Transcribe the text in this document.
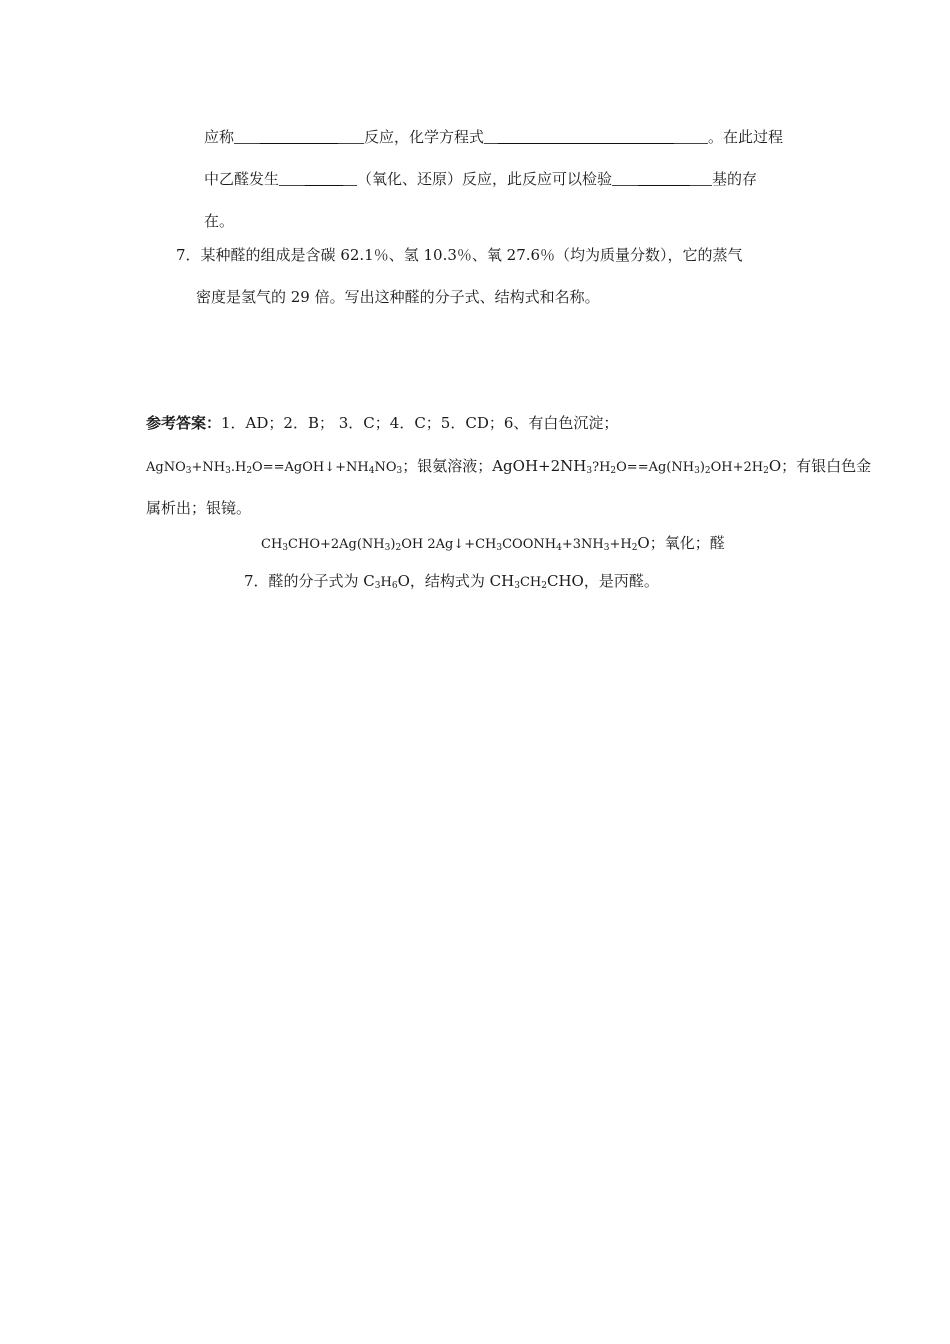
应称	反应，化学方程式	。在此过程
中乙醛发生	（氧化、还原）反应，此反应可以检验	基的存
在。
7．某种醛的组成是含碳 62.1％、氢 10.3％、氧 27.6％（均为质量分数），它的蒸气
密度是氢气的 29 倍。写出这种醛的分子式、结构式和名称。
参考答案：1．AD；2．B； 3．C；4．C；5．CD；6、有白色沉淀；
$AgNO_3+NH_3.H_2O==AgOH↓+NH_4NO_3$；银氨溶液；$AgOH+2NH_3?H_2O==Ag(NH_3)_2OH+2H_2O$；有银白色金
属析出；银镜。
$CH_3CHO+2Ag(NH_3)_2OH$ $2Ag↓+CH_3COONH_4+3NH_3+H_2O$；氧化；醛
7．醛的分子式为 $C_3H_6O$，结构式为 $CH_3CH_2CHO$，是丙醛。
